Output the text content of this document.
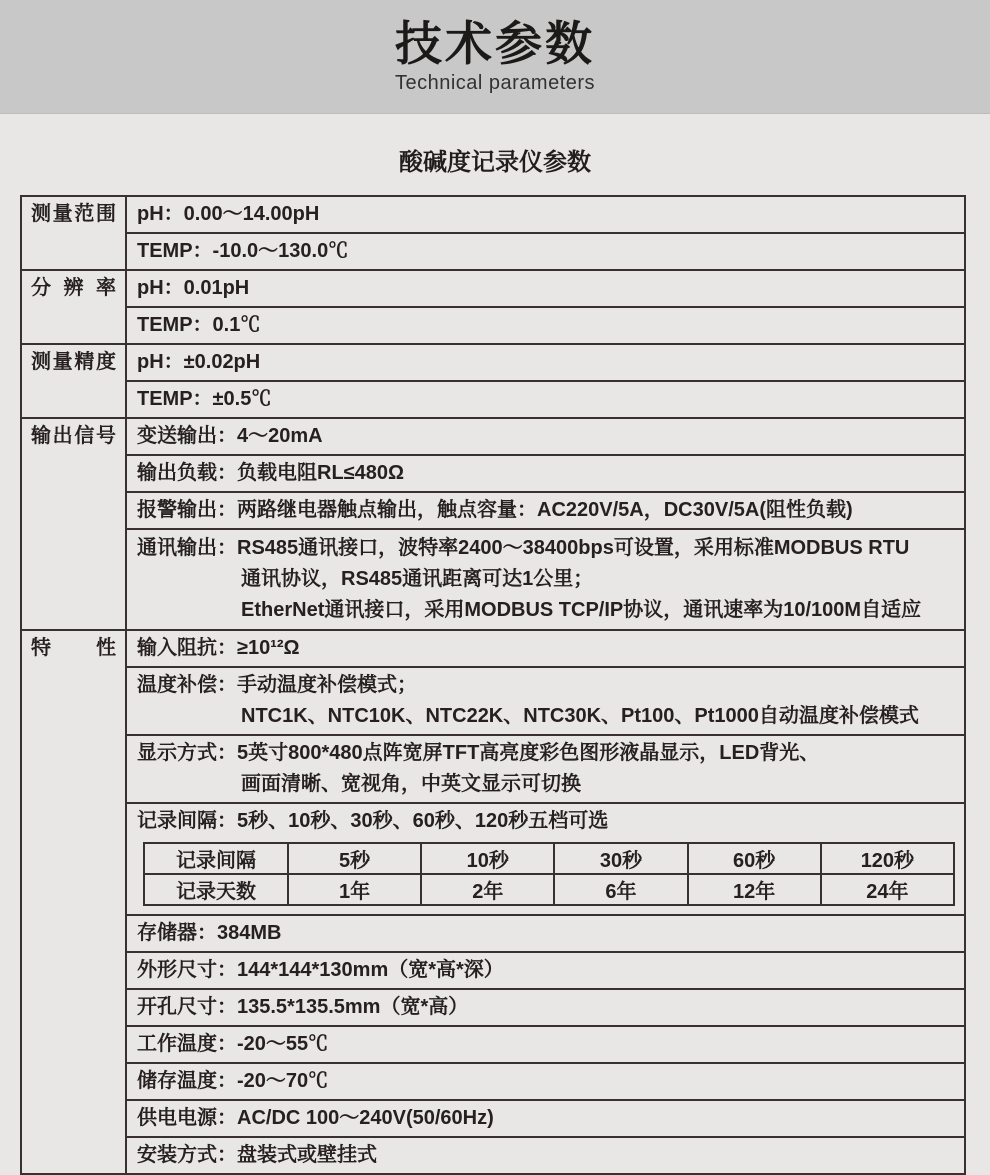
技术参数
Technical parameters
酸碱度记录仪参数
测量范围	pH：0.00～14.00pH

TEMP：-10.0～130.0℃

分辨率	pH：0.01pH

TEMP：0.1℃

测量精度	pH：±0.02pH

TEMP：±0.5℃

输出信号	变送输出：4～20mA

输出负载：负载电阻RL≤480Ω

报警输出：两路继电器触点输出，触点容量：AC220V/5A，DC30V/5A(阻性负载)

通讯输出：RS485通讯接口，波特率2400～38400bps可设置，采用标准MODBUS RTU
通讯协议，RS485通讯距离可达1公里；
EtherNet通讯接口，采用MODBUS TCP/IP协议，通讯速率为10/100M自适应

特性	输入阻抗：≥10¹²Ω

温度补偿：手动温度补偿模式；
NTC1K、NTC10K、NTC22K、NTC30K、Pt100、Pt1000自动温度补偿模式

显示方式：5英寸800*480点阵宽屏TFT高亮度彩色图形液晶显示，LED背光、
画面清晰、宽视角，中英文显示可切换

记录间隔：5秒、10秒、30秒、60秒、120秒五档可选
记录间隔	5秒	10秒	30秒	60秒	120秒
记录天数	1年	2年	6年	12年	24年

存储器：384MB

外形尺寸：144*144*130mm（宽*高*深）

开孔尺寸：135.5*135.5mm（宽*高）

工作温度：-20～55℃

储存温度：-20～70℃

供电电源：AC/DC 100～240V(50/60Hz)

安装方式：盘装式或壁挂式
